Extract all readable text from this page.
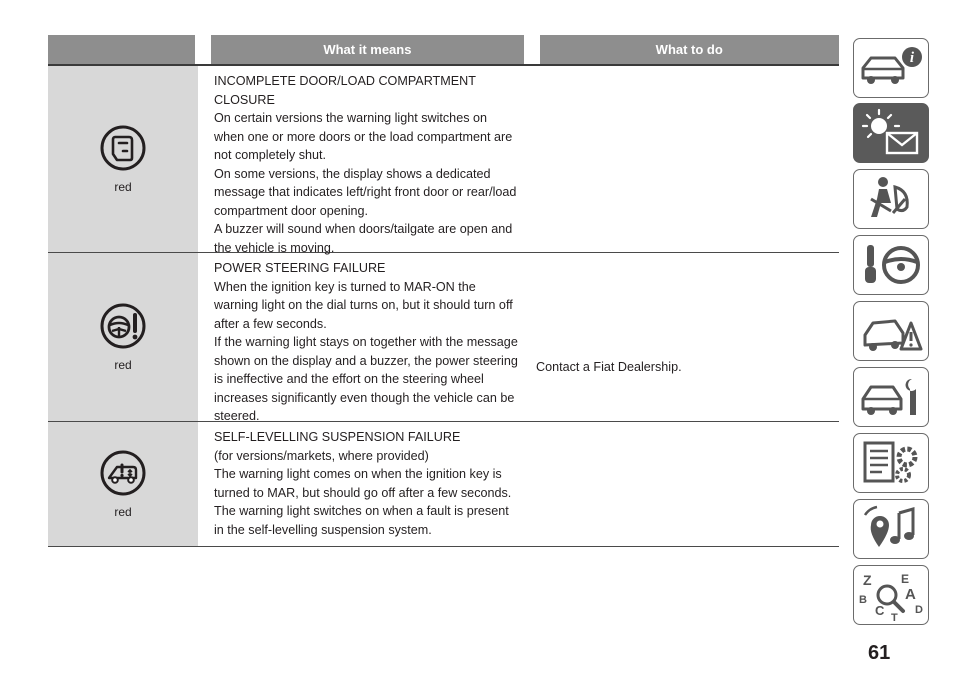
What it means	What to do
red

INCOMPLETE DOOR/LOAD COMPARTMENT

CLOSURE

On certain versions the warning light switches on

when one or more doors or the load compartment are

not completely shut.

On some versions, the display shows a dedicated

message that indicates left/right front door or rear/load

compartment door opening.

A buzzer will sound when doors/tailgate are open and

the vehicle is moving.

red

POWER STEERING FAILURE

When the ignition key is turned to MAR-ON the

warning light on the dial turns on, but it should turn off

after a few seconds.

If the warning light stays on together with the message

shown on the display and a buzzer, the power steering

is ineffective and the effort on the steering wheel

increases significantly even though the vehicle can be

steered.

red

SELF-LEVELLING SUSPENSION FAILURE

(for versions/markets, where provided)

The warning light comes on when the ignition key is

turned to MAR, but should go off after a few seconds.

The warning light switches on when a fault is present

in the self-levelling suspension system.

Contact a Fiat Dealership.
i
Z E
B	A
D
C T
61
